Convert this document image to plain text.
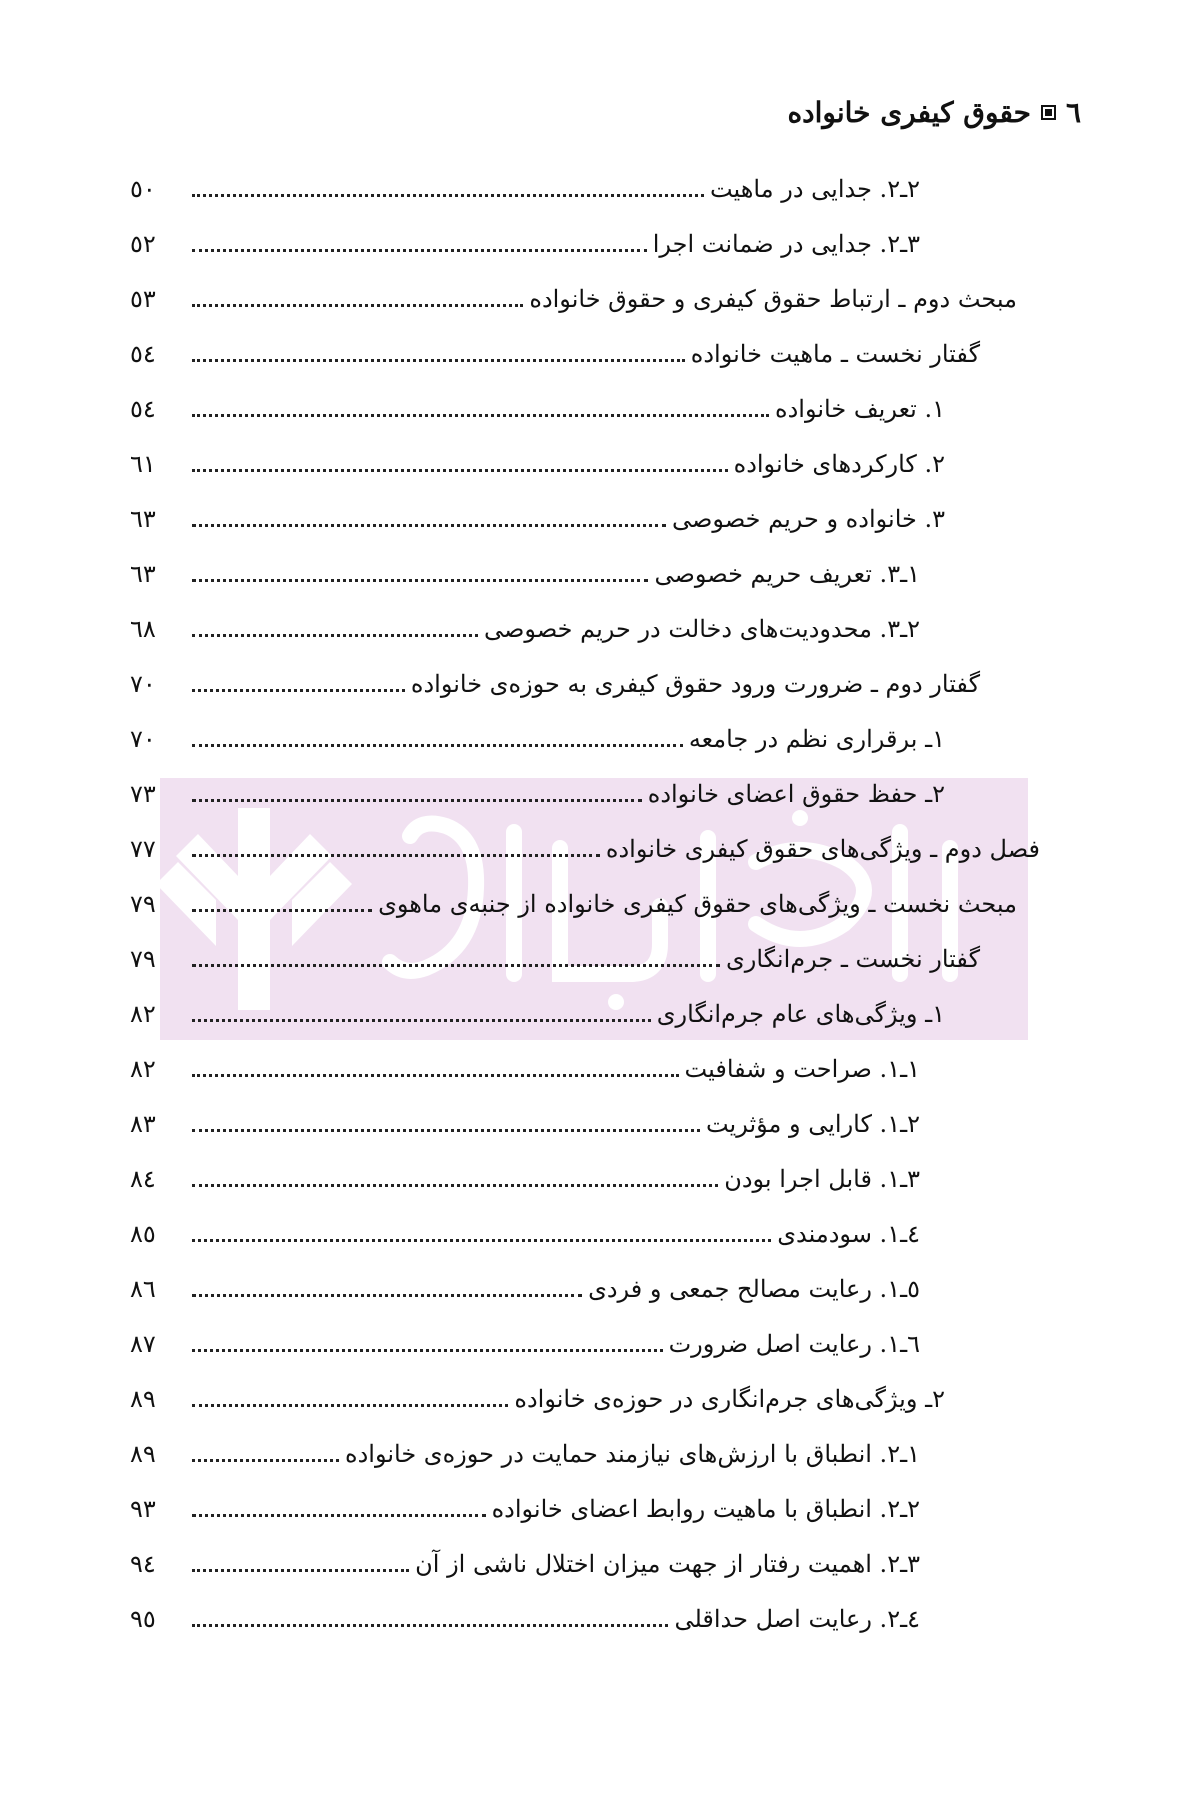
٦
حقوق کیفری خانواده
٢ـ٢. جدایی در ماهیت
٥٠
٣ـ٢. جدایی در ضمانت اجرا
٥٢
مبحث دوم ـ ارتباط حقوق کیفری و حقوق خانواده
٥٣
گفتار نخست ـ ماهیت خانواده
٥٤
١. تعریف خانواده
٥٤
٢. کارکردهای خانواده
٦١
٣. خانواده و حریم خصوصی
٦٣
١ـ٣. تعریف حریم خصوصی
٦٣
٢ـ٣. محدودیت‌های دخالت در حریم خصوصی
٦٨
گفتار دوم ـ ضرورت ورود حقوق کیفری به حوزه‌ی خانواده
٧٠
١ـ برقراری نظم در جامعه
٧٠
٢ـ حفظ حقوق اعضای خانواده
٧٣
فصل دوم ـ ویژگی‌های حقوق کیفری خانواده
٧٧
مبحث نخست ـ ویژگی‌های حقوق کیفری خانواده از جنبه‌ی ماهوی
٧٩
گفتار نخست ـ جرم‌انگاری
٧٩
١ـ ویژگی‌های عام جرم‌انگاری
٨٢
١ـ١. صراحت و شفافیت
٨٢
٢ـ١. کارایی و مؤثریت
٨٣
٣ـ١. قابل اجرا بودن
٨٤
٤ـ١. سودمندی
٨٥
٥ـ١. رعایت مصالح جمعی و فردی
٨٦
٦ـ١. رعایت اصل ضرورت
٨٧
٢ـ ویژگی‌های جرم‌انگاری در حوزه‌ی خانواده
٨٩
١ـ٢. انطباق با ارزش‌های نیازمند حمایت در حوزه‌ی خانواده
٨٩
٢ـ٢. انطباق با ماهیت روابط اعضای خانواده
٩٣
٣ـ٢. اهمیت رفتار از جهت میزان اختلال ناشی از آن
٩٤
٤ـ٢. رعایت اصل حداقلی
٩٥
